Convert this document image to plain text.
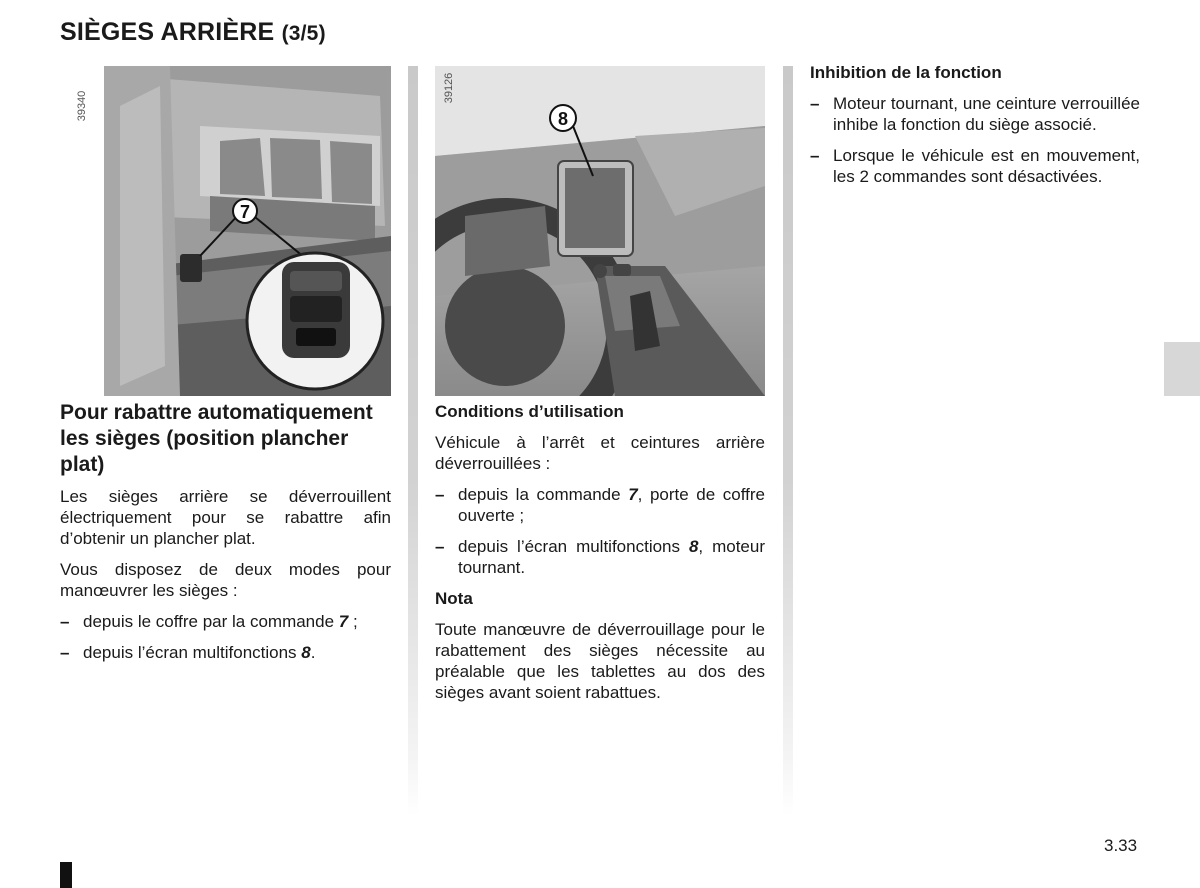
SIÈGES ARRIÈRE (3/5)
7
39340	8
39126
Pour rabattre automatiquement les sièges (position plancher plat)

Les sièges arrière se déverrouillent électriquement pour se rabattre afin d’obtenir un plancher plat.

Vous disposez de deux modes pour manœuvrer les sièges :

– depuis le coffre par la commande 7 ;
– depuis l’écran multifonctions 8.
Conditions d’utilisation

Véhicule à l’arrêt et ceintures arrière déverrouillées :

– depuis la commande 7, porte de coffre ouverte ;
– depuis l’écran multifonctions 8, moteur tournant.

Nota

Toute manœuvre de déverrouillage pour le rabattement des sièges nécessite au préalable que les tablettes au dos des sièges avant soient rabattues.

Inhibition de la fonction
– Moteur tournant, une ceinture verrouillée inhibe la fonction du siège associé.
– Lorsque le véhicule est en mouvement, les 2 commandes sont désactivées.
3.33
